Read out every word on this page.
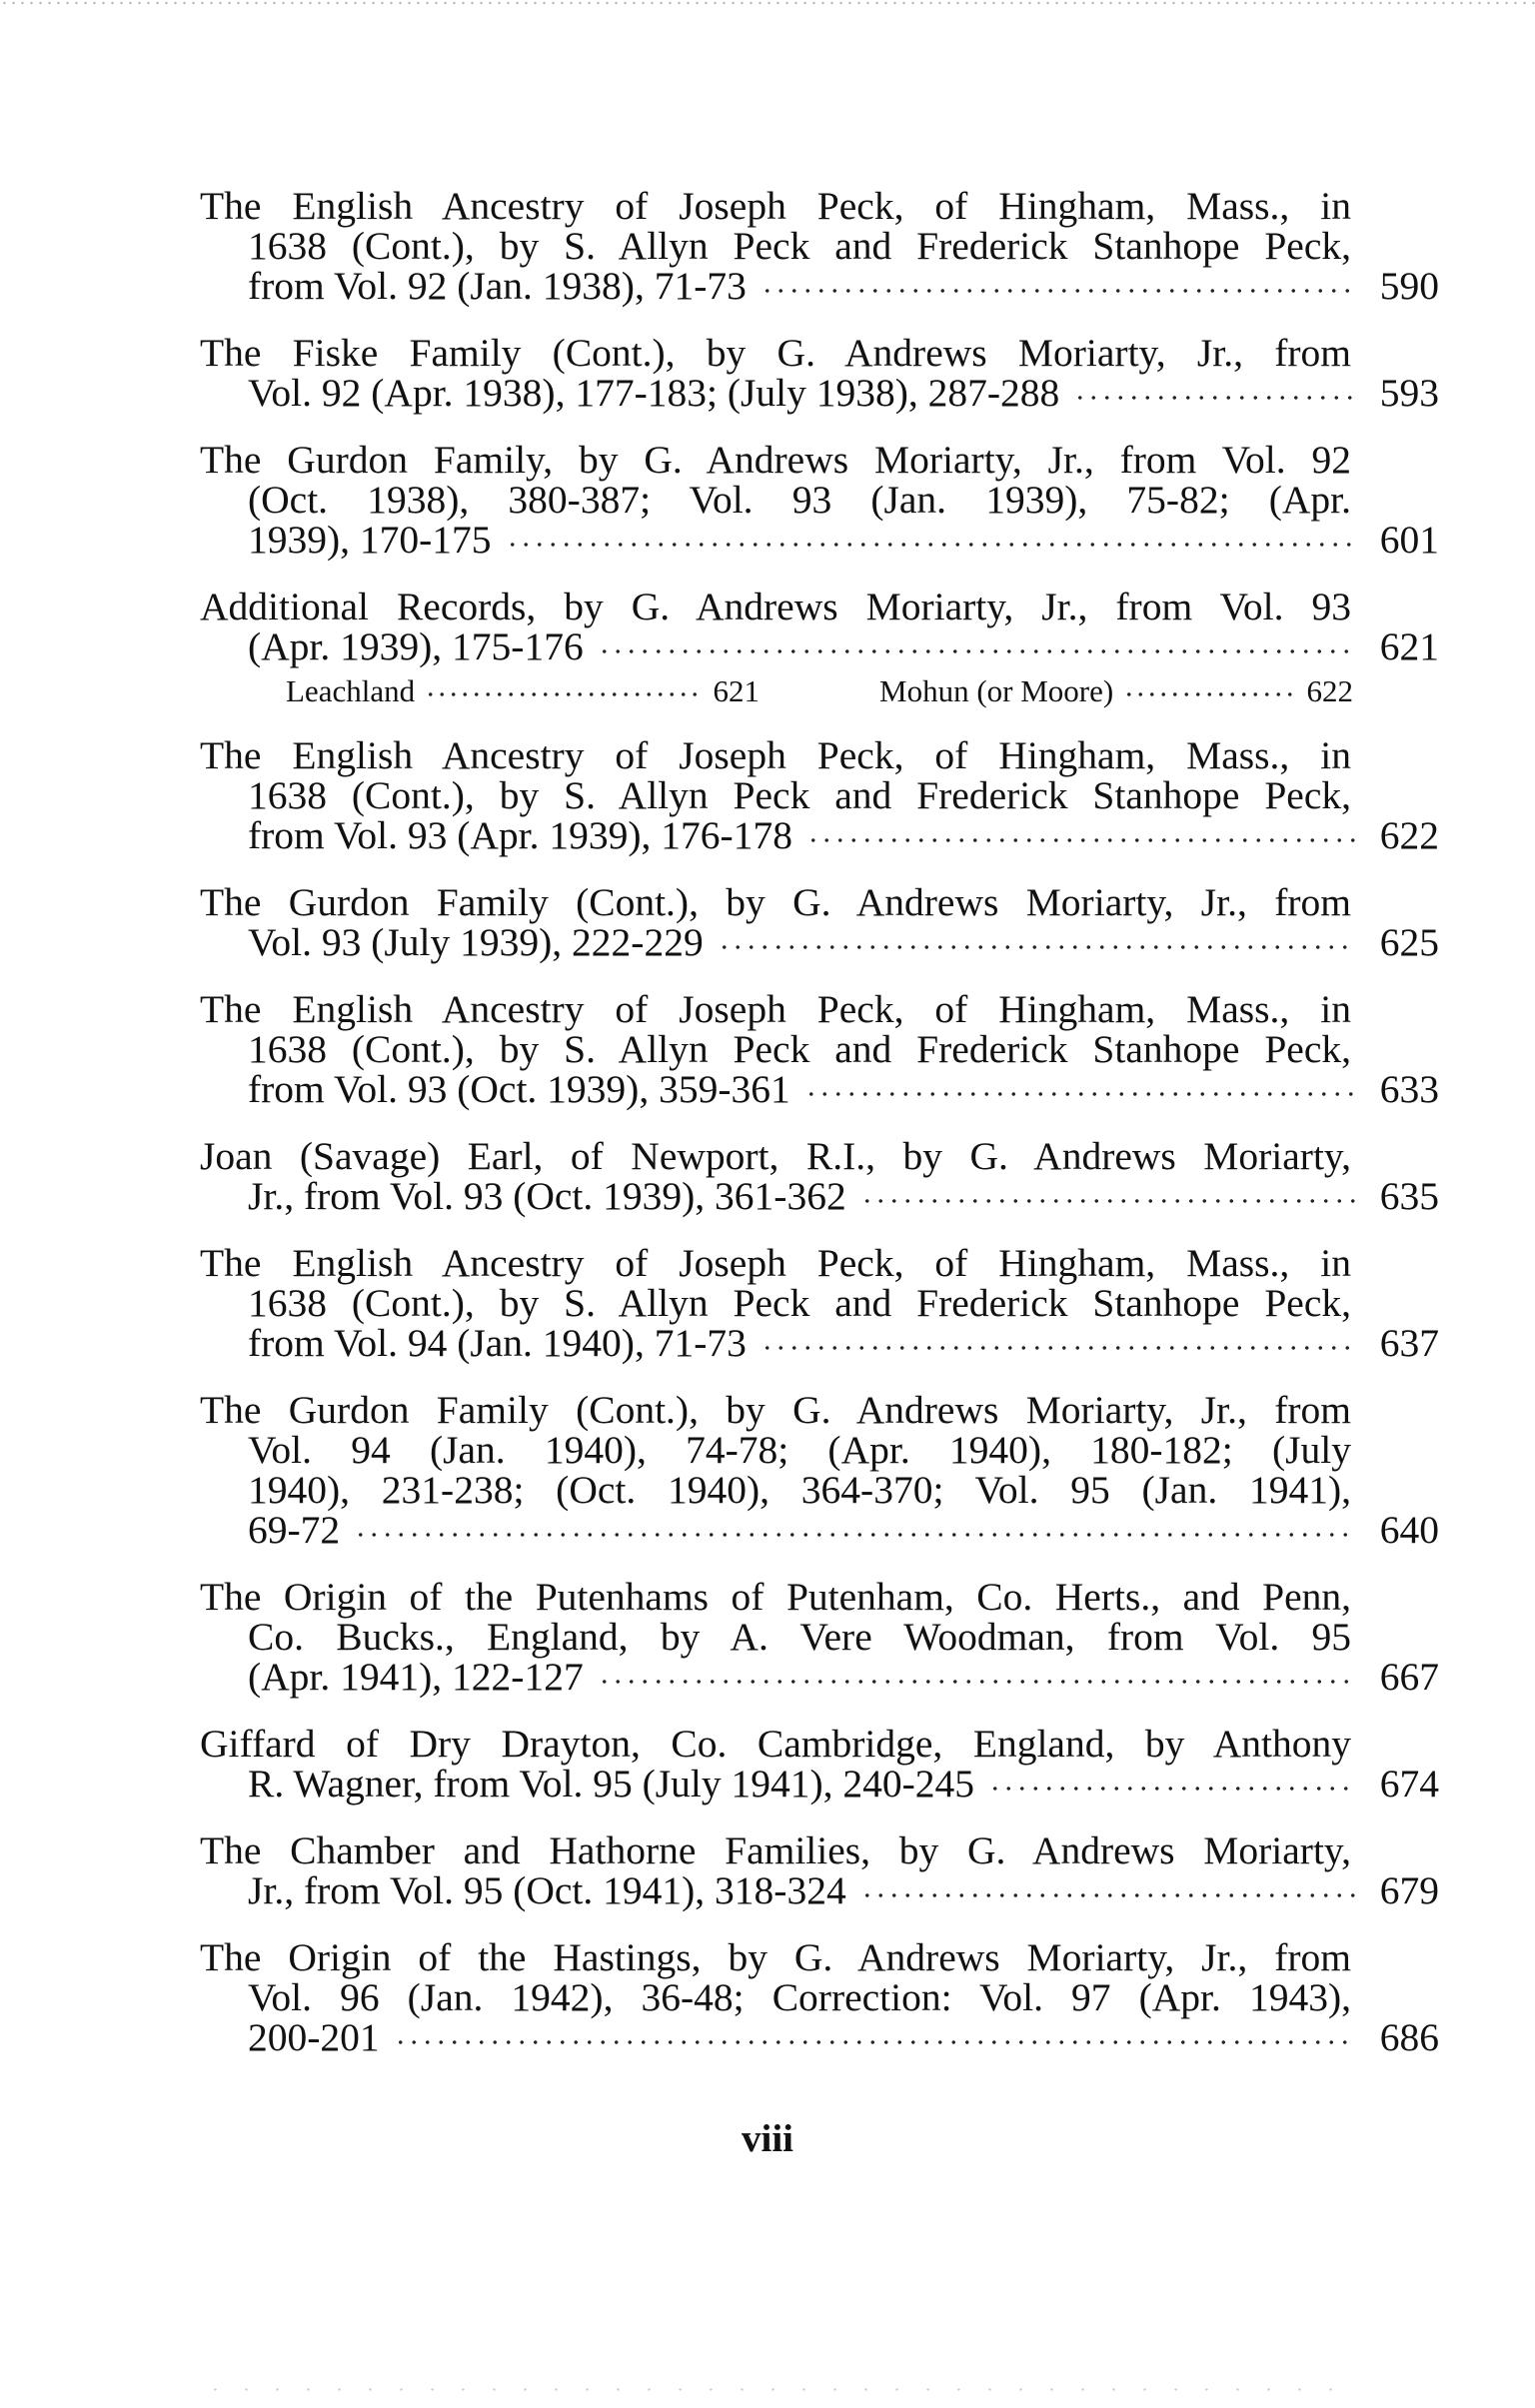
The English Ancestry of Joseph Peck, of Hingham, Mass., in
1638 (Cont.), by S. Allyn Peck and Frederick Stanhope Peck,
from Vol. 92 (Jan. 1938), 71-73	590
The Fiske Family (Cont.), by G. Andrews Moriarty, Jr., from
Vol. 92 (Apr. 1938), 177-183; (July 1938), 287-288	593
The Gurdon Family, by G. Andrews Moriarty, Jr., from Vol. 92
(Oct. 1938), 380-387; Vol. 93 (Jan. 1939), 75-82; (Apr.
1939), 170-175	601
Additional Records, by G. Andrews Moriarty, Jr., from Vol. 93
(Apr. 1939), 175-176	621
Leachland	621	Mohun (or Moore)	622
The English Ancestry of Joseph Peck, of Hingham, Mass., in
1638 (Cont.), by S. Allyn Peck and Frederick Stanhope Peck,
from Vol. 93 (Apr. 1939), 176-178	622
The Gurdon Family (Cont.), by G. Andrews Moriarty, Jr., from
Vol. 93 (July 1939), 222-229	625
The English Ancestry of Joseph Peck, of Hingham, Mass., in
1638 (Cont.), by S. Allyn Peck and Frederick Stanhope Peck,
from Vol. 93 (Oct. 1939), 359-361	633
Joan (Savage) Earl, of Newport, R.I., by G. Andrews Moriarty,
Jr., from Vol. 93 (Oct. 1939), 361-362	635
The English Ancestry of Joseph Peck, of Hingham, Mass., in
1638 (Cont.), by S. Allyn Peck and Frederick Stanhope Peck,
from Vol. 94 (Jan. 1940), 71-73	637
The Gurdon Family (Cont.), by G. Andrews Moriarty, Jr., from
Vol. 94 (Jan. 1940), 74-78; (Apr. 1940), 180-182; (July
1940), 231-238; (Oct. 1940), 364-370; Vol. 95 (Jan. 1941),
69-72	640
The Origin of the Putenhams of Putenham, Co. Herts., and Penn,
Co. Bucks., England, by A. Vere Woodman, from Vol. 95
(Apr. 1941), 122-127	667
Giffard of Dry Drayton, Co. Cambridge, England, by Anthony
R. Wagner, from Vol. 95 (July 1941), 240-245	674
The Chamber and Hathorne Families, by G. Andrews Moriarty,
Jr., from Vol. 95 (Oct. 1941), 318-324	679
The Origin of the Hastings, by G. Andrews Moriarty, Jr., from
Vol. 96 (Jan. 1942), 36-48; Correction: Vol. 97 (Apr. 1943),
200-201	686
viii
